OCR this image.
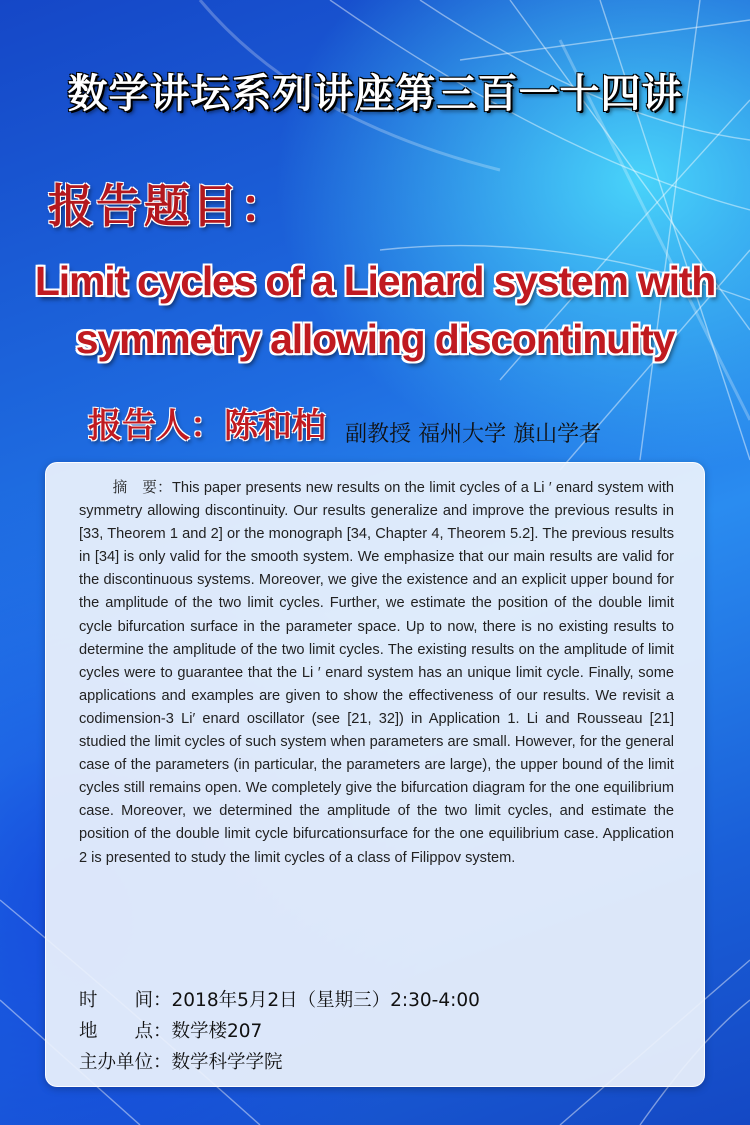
数学讲坛系列讲座第三百一十四讲
报告题目：
Limit cycles of a Lienard system with
symmetry allowing discontinuity
报告人：陈和柏 副教授 福州大学 旗山学者
摘　要：This paper presents new results on the limit cycles of a Li ′ enard system with symmetry allowing discontinuity. Our results generalize and improve the previous results in [33, Theorem 1 and 2] or the monograph [34, Chapter 4, Theorem 5.2]. The previous results in [34] is only valid for the smooth system. We emphasize that our main results are valid for the discontinuous systems. Moreover, we give the existence and an explicit upper bound for the amplitude of the two limit cycles. Further, we estimate the position of the double limit cycle bifurcation surface in the parameter space. Up to now, there is no existing results to determine the amplitude of the two limit cycles. The existing results on the amplitude of limit cycles were to guarantee that the Li ′ enard system has an unique limit cycle. Finally, some applications and examples are given to show the effectiveness of our results. We revisit a codimension-3 Li′ enard oscillator (see [21, 32]) in Application 1. Li and Rousseau [21] studied the limit cycles of such system when parameters are small. However, for the general case of the parameters (in particular, the parameters are large), the upper bound of the limit cycles still remains open. We completely give the bifurcation diagram for the one equilibrium case. Moreover, we determined the amplitude of the two limit cycles, and estimate the position of the double limit cycle bifurcationsurface for the one equilibrium case. Application 2 is presented to study the limit cycles of a class of Filippov system.
时　　间：2018年5月2日（星期三）2:30-4:00
地　　点：数学楼207
主办单位：数学科学学院
